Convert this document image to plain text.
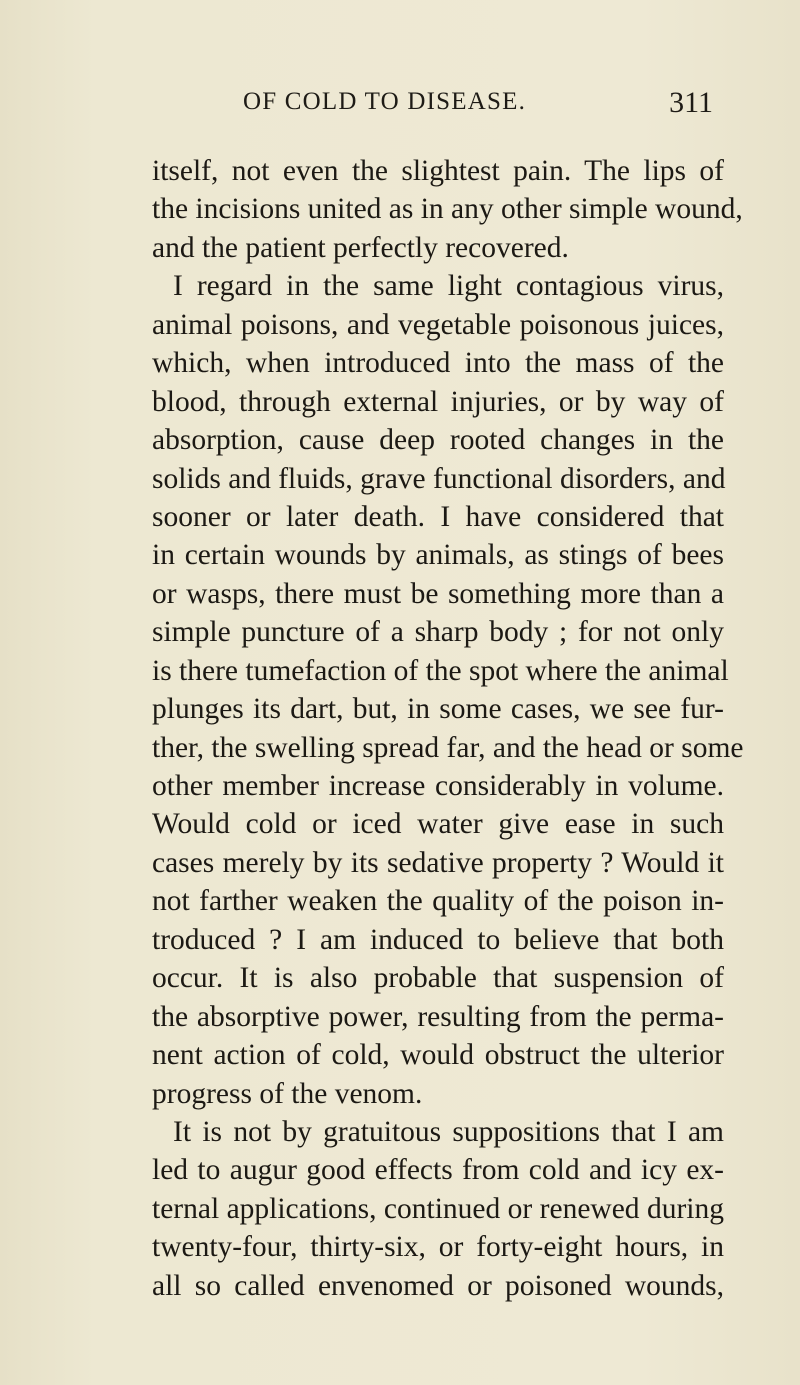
OF COLD TO DISEASE.	311
itself, not even the slightest pain. The lips of
the incisions united as in any other simple wound,
and the patient perfectly recovered.
I regard in the same light contagious virus,
animal poisons, and vegetable poisonous juices,
which, when introduced into the mass of the
blood, through external injuries, or by way of
absorption, cause deep rooted changes in the
solids and fluids, grave functional disorders, and
sooner or later death. I have considered that
in certain wounds by animals, as stings of bees
or wasps, there must be something more than a
simple puncture of a sharp body ; for not only
is there tumefaction of the spot where the animal
plunges its dart, but, in some cases, we see fur-
ther, the swelling spread far, and the head or some
other member increase considerably in volume.
Would cold or iced water give ease in such
cases merely by its sedative property ? Would it
not farther weaken the quality of the poison in-
troduced ? I am induced to believe that both
occur. It is also probable that suspension of
the absorptive power, resulting from the perma-
nent action of cold, would obstruct the ulterior
progress of the venom.
It is not by gratuitous suppositions that I am
led to augur good effects from cold and icy ex-
ternal applications, continued or renewed during
twenty-four, thirty-six, or forty-eight hours, in
all so called envenomed or poisoned wounds,
